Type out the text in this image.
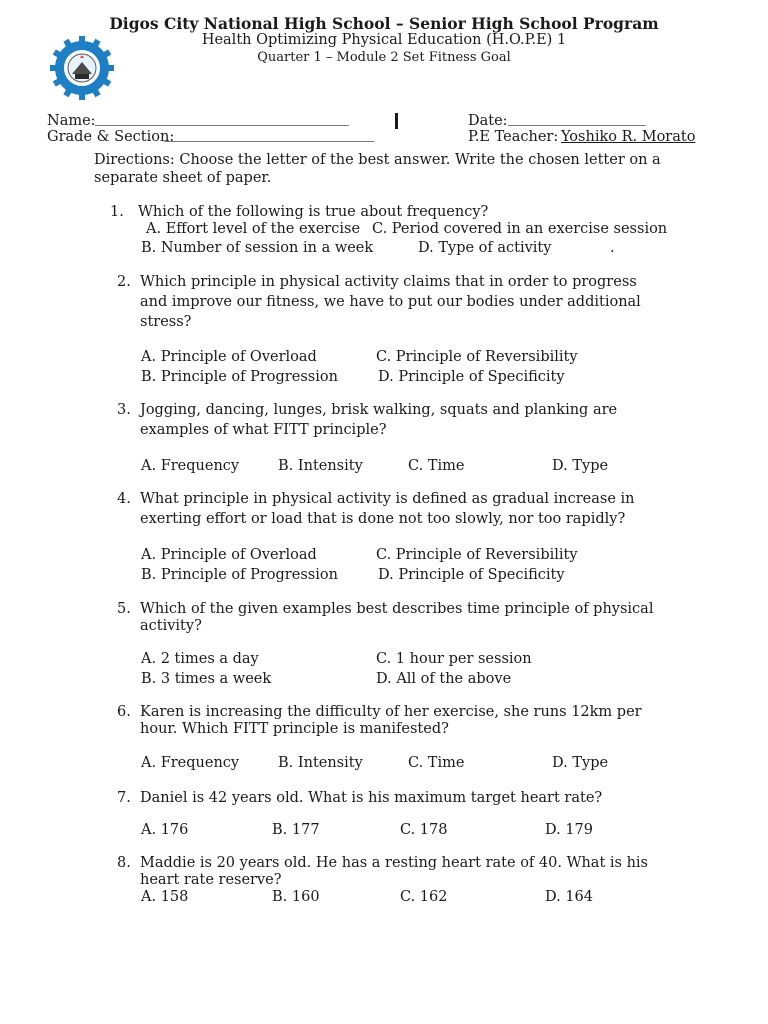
Digos City National High School – Senior High School Program
Health Optimizing Physical Education (H.O.P.E) 1
Quarter 1 – Module 2 Set Fitness Goal
Name: ___________________________________	Date: ___________________
Grade & Section:
_____________________________	P.E Teacher: Yoshiko R. Morato
Directions: Choose the letter of the best answer. Write the chosen letter on a
separate sheet of paper.
1. Which of the following is true about frequency?
A. Effort level of the exercise C. Period covered in an exercise session
B. Number of session in a week	D. Type of activity	.
2. Which principle in physical activity claims that in order to progress
and improve our fitness, we have to put our bodies under additional
stress?
A. Principle of Overload	C. Principle of Reversibility
B. Principle of Progression	D. Principle of Specificity
3. Jogging, dancing, lunges, brisk walking, squats and planking are
examples of what FITT principle?
A. Frequency	B. Intensity	C. Time	D. Type
4. What principle in physical activity is defined as gradual increase in
exerting effort or load that is done not too slowly, nor too rapidly?
A. Principle of Overload	C. Principle of Reversibility
B. Principle of Progression	D. Principle of Specificity
5. Which of the given examples best describes time principle of physical
activity?
A. 2 times a day	C. 1 hour per session
B. 3 times a week	D. All of the above
6. Karen is increasing the difficulty of her exercise, she runs 12km per
hour. Which FITT principle is manifested?
A. Frequency	B. Intensity	C. Time	D. Type
7. Daniel is 42 years old. What is his maximum target heart rate?
A. 176	B. 177	C. 178	D. 179
8. Maddie is 20 years old. He has a resting heart rate of 40. What is his
heart rate reserve?
A. 158	B. 160	C. 162	D. 164
